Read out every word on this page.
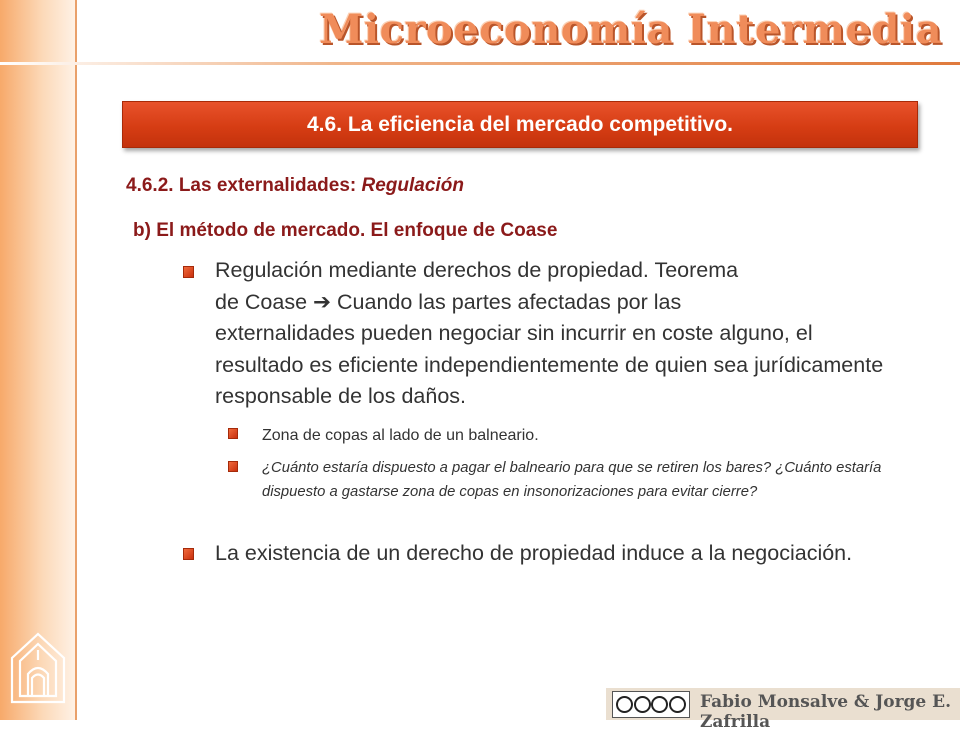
Microeconomía Intermedia
4.6. La eficiencia del mercado competitivo.
4.6.2. Las externalidades: Regulación
b) El método de mercado. El enfoque de Coase
Regulación mediante derechos de propiedad. Teorema
de Coase ➔ Cuando las partes afectadas por las
externalidades pueden negociar sin incurrir en coste alguno, el resultado es eficiente independientemente de quien sea jurídicamente responsable de los daños.
Zona de copas al lado de un balneario.
¿Cuánto estaría dispuesto a pagar el balneario para que se retiren los bares? ¿Cuánto estaría dispuesto a gastarse zona de copas en insonorizaciones para evitar cierre?
La existencia de un derecho de propiedad induce a la negociación.
Fabio Monsalve & Jorge E. Zafrilla
